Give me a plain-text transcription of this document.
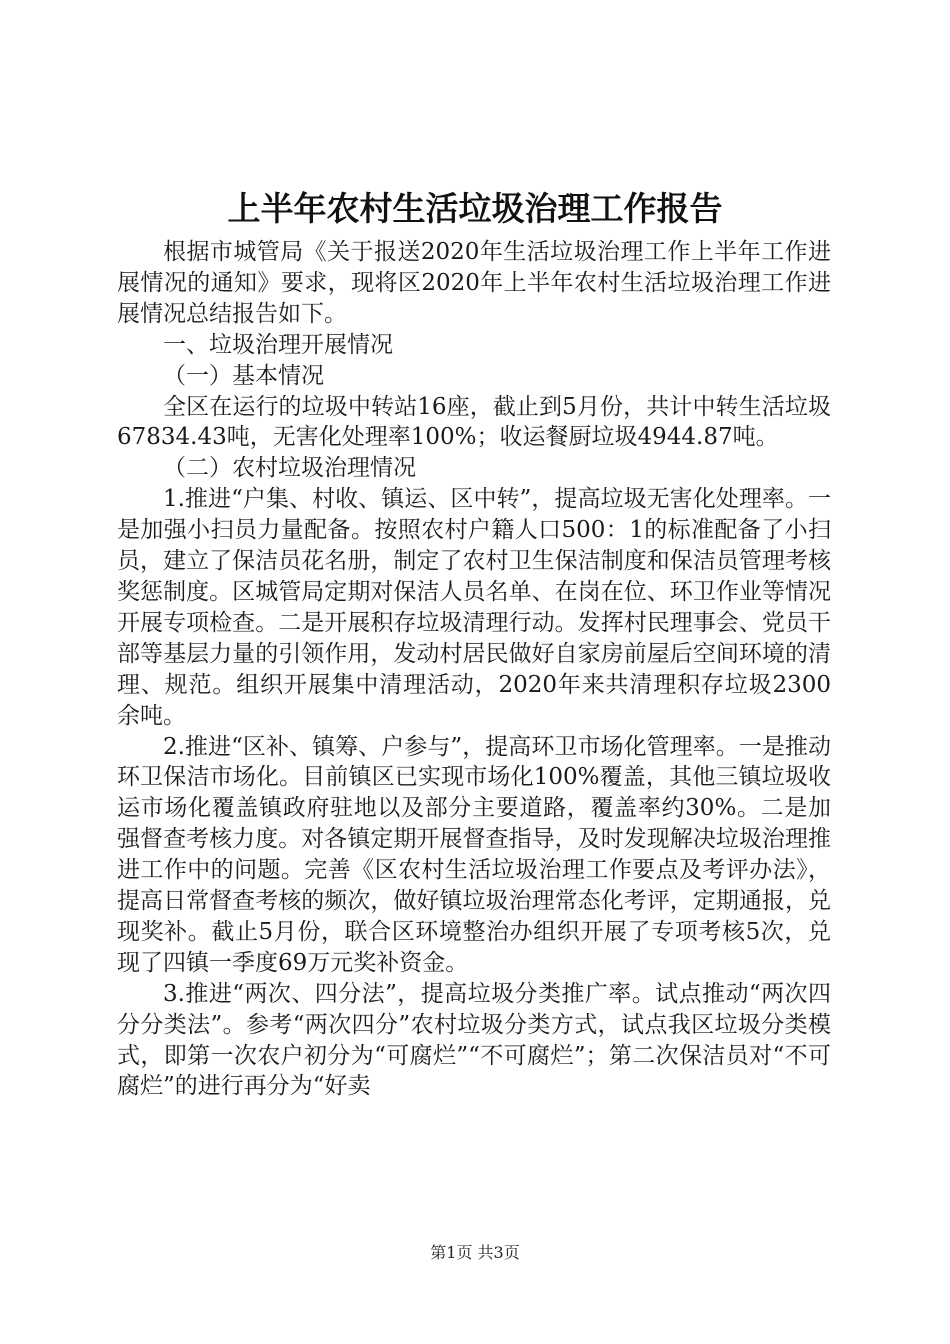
上半年农村生活垃圾治理工作报告

根据市城管局《关于报送2020年生活垃圾治理工作上半年工作进展情况的通知》要求，现将区2020年上半年农村生活垃圾治理工作进展情况总结报告如下。

一、垃圾治理开展情况

（一）基本情况

全区在运行的垃圾中转站16座，截止到5月份，共计中转生活垃圾67834.43吨，无害化处理率100%；收运餐厨垃圾4944.87吨。

（二）农村垃圾治理情况

1.推进“户集、村收、镇运、区中转”，提高垃圾无害化处理率。一是加强小扫员力量配备。按照农村户籍人口500：1的标准配备了小扫员，建立了保洁员花名册，制定了农村卫生保洁制度和保洁员管理考核奖惩制度。区城管局定期对保洁人员名单、在岗在位、环卫作业等情况开展专项检查。二是开展积存垃圾清理行动。发挥村民理事会、党员干部等基层力量的引领作用，发动村居民做好自家房前屋后空间环境的清理、规范。组织开展集中清理活动，2020年来共清理积存垃圾2300余吨。

2.推进“区补、镇筹、户参与”，提高环卫市场化管理率。一是推动环卫保洁市场化。目前镇区已实现市场化100%覆盖，其他三镇垃圾收运市场化覆盖镇政府驻地以及部分主要道路，覆盖率约30%。二是加强督查考核力度。对各镇定期开展督查指导，及时发现解决垃圾治理推进工作中的问题。完善《区农村生活垃圾治理工作要点及考评办法》，提高日常督查考核的频次，做好镇垃圾治理常态化考评，定期通报，兑现奖补。截止5月份，联合区环境整治办组织开展了专项考核5次，兑现了四镇一季度69万元奖补资金。

3.推进“两次、四分法”，提高垃圾分类推广率。试点推动“两次四分分类法”。参考“两次四分”农村垃圾分类方式，试点我区垃圾分类模式，即第一次农户初分为“可腐烂”“不可腐烂”；第二次保洁员对“不可腐烂”的进行再分为“好卖

第1页 共3页
